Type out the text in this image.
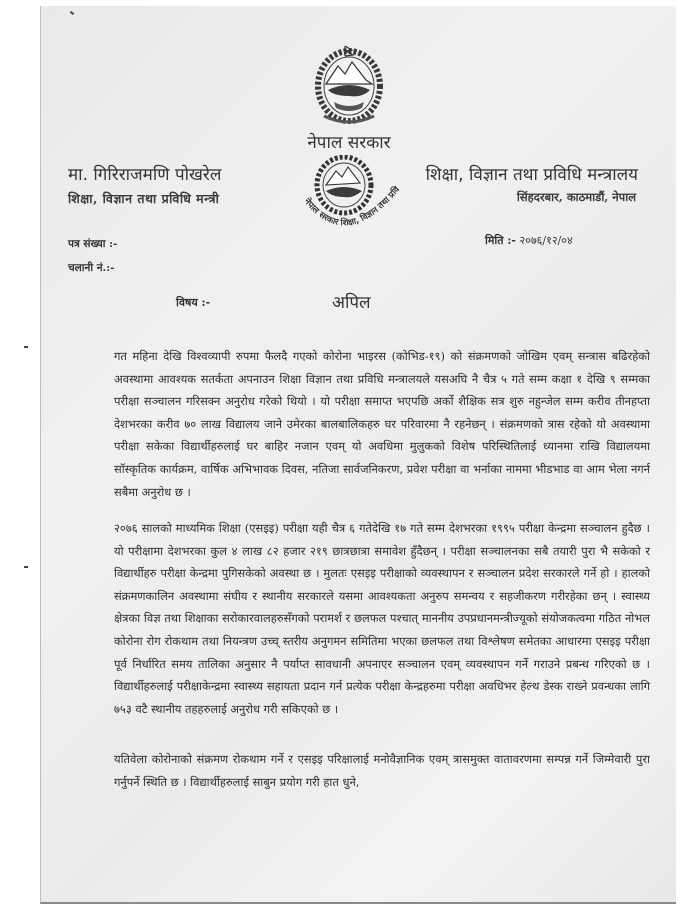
नेपाल सरकार
मा. गिरिराजमणि पोखरेल
शिक्षा, विज्ञान तथा प्रविधि मन्त्री
शिक्षा, विज्ञान तथा प्रविधि मन्त्रालय
सिंहदरबार, काठमाडौं, नेपाल
नेपाल सरकार शिक्षा, विज्ञान तथा प्रवि
पत्र संख्या :-
चलानी नं.:-
मिति :- २०७६/१२/०४
विषय :-	अपिल

गत महिना देखि विश्वव्यापी रुपमा फैलदै गएको कोरोना भाइरस (कोभिड-१९) को संक्रमणको जोखिम एवम् सन्त्रास बढिरहेको अवस्थामा आवश्यक सतर्कता अपनाउन शिक्षा विज्ञान तथा प्रविधि मन्त्रालयले यसअघि नै चैत्र ५ गते सम्म कक्षा १ देखि ९ सम्मका परीक्षा सञ्चालन गरिसक्न अनुरोध गरेको थियो । यो परीक्षा समाप्त भएपछि अर्को शैक्षिक सत्र शुरु नहुन्जेल सम्म करीव तीनहप्ता देशभरका करीव ७० लाख विद्यालय जाने उमेरका बालबालिकहरु घर परिवारमा नै रहनेछन् । संक्रमणको त्रास रहेको यो अवस्थामा परीक्षा सकेका विद्यार्थीहरुलाई घर बाहिर नजान एवम् यो अवधिमा मुलुकको विशेष परिस्थितिलाई ध्यानमा राखि विद्यालयमा सॉस्कृतिक कार्यक्रम, वार्षिक अभिभावक दिवस, नतिजा सार्वजनिकरण, प्रवेश परीक्षा वा भर्नाका नाममा भीडभाड वा आम भेला नगर्न सबैमा अनुरोध छ ।

२०७६ सालको माध्यमिक शिक्षा (एसइइ) परीक्षा यही चैत्र ६ गतेदेखि १७ गते सम्म देशभरका १९९५ परीक्षा केन्द्रमा सञ्चालन हुदैछ । यो परीक्षामा देशभरका कुल ४ लाख ८२ हजार २१९ छात्रछात्रा समावेश हुँदैछन् । परीक्षा सञ्चालनका सबै तयारी पुरा भै सकेको र विद्यार्थीहरु परीक्षा केन्द्रमा पुगिसकेको अवस्था छ । मुलतः एसइइ परीक्षाको व्यवस्थापन र सञ्चालन प्रदेश सरकारले गर्ने हो । हालको संक्रमणकालिन अवस्थामा संघीय र स्थानीय सरकारले यसमा आवश्यकता अनुरुप समन्वय र सहजीकरण गरीरहेका छन् । स्वास्थ्य क्षेत्रका विज्ञ तथा शिक्षाका सरोकारवालहरुसँगको परामर्श र छलफल पश्चात् माननीय उपप्रधानमन्त्रीज्यूको संयोजकत्वमा गठित नोभल कोरोना रोग रोकथाम तथा नियन्त्रण उच्च् स्तरीय अनुगमन समितिमा भएका छलफल तथा विश्लेषण समेतका आधारमा एसइइ परीक्षा पूर्व निर्धारित समय तालिका अनुसार नै पर्याप्त सावधानी अपनाएर सञ्चालन एवम् व्यवस्थापन गर्ने गराउने प्रबन्ध गरिएको छ । विद्यार्थीहरुलाई परीक्षाकेन्द्रमा स्वास्थ्य सहायता प्रदान गर्न प्रत्येक परीक्षा केन्द्रहरुमा परीक्षा अवधिभर हेल्थ डेस्क राख्ने प्रवन्धका लागि ७५३ वटै स्थानीय तहहरुलाई अनुरोध गरी सकिएको छ ।

यतिवेला कोरोनाको संक्रमण रोकथाम गर्ने र एसइइ परिक्षालाई मनोवैज्ञानिक एवम् त्रासमुक्त वातावरणमा सम्पन्न गर्ने जिम्मेवारी पुरा गर्नुपर्ने स्थिति छ । विद्यार्थीहरुलाई साबुन प्रयोग गरी हात धुने,
